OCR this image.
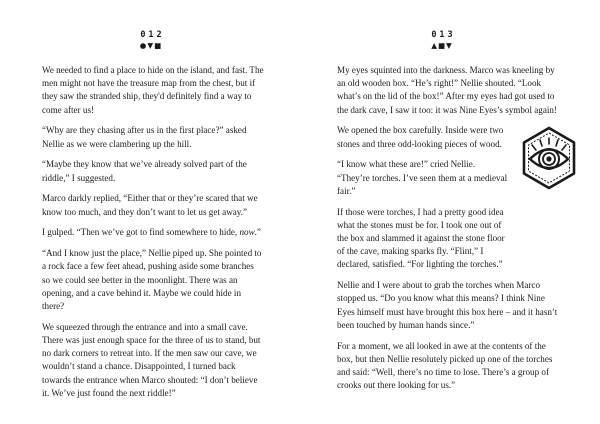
012
●▼■

We needed to find a place to hide on the island, and fast. The men might not have the treasure map from the chest, but if they saw the stranded ship, they'd definitely find a way to come after us!

“Why are they chasing after us in the first place?” asked Nellie as we were clambering up the hill.

“Maybe they know that we’ve already solved part of the riddle,” I suggested.

Marco darkly replied, “Either that or they’re scared that we know too much, and they don’t want to let us get away.”

I gulped. “Then we’ve got to find somewhere to hide, now.”

“And I know just the place,” Nellie piped up. She pointed to a rock face a few feet ahead, pushing aside some branches so we could see better in the moonlight. There was an opening, and a cave behind it. Maybe we could hide in there?

We squeezed through the entrance and into a small cave. There was just enough space for the three of us to stand, but no dark corners to retreat into. If the men saw our cave, we wouldn’t stand a chance. Disappointed, I turned back towards the entrance when Marco shouted: “I don’t believe it. We’ve just found the next riddle!”

013
▲■▼

My eyes squinted into the darkness. Marco was kneeling by an old wooden box. “He’s right!” Nellie shouted. “Look what’s on the lid of the box!” After my eyes had got used to the dark cave, I saw it too: it was Nine Eyes’s symbol again!

We opened the box carefully. Inside were two stones and three odd-looking pieces of wood.

“I know what these are!” cried Nellie. “They’re torches. I’ve seen them at a medieval fair.”

If those were torches, I had a pretty good idea what the stones must be for. I took one out of the box and slammed it against the stone floor of the cave, making sparks fly. “Flint,” I declared, satisfied. “For lighting the torches.”

Nellie and I were about to grab the torches when Marco stopped us. “Do you know what this means? I think Nine Eyes himself must have brought this box here – and it hasn’t been touched by human hands since.”

For a moment, we all looked in awe at the contents of the box, but then Nellie resolutely picked up one of the torches and said: “Well, there’s no time to lose. There’s a group of crooks out there looking for us.”
